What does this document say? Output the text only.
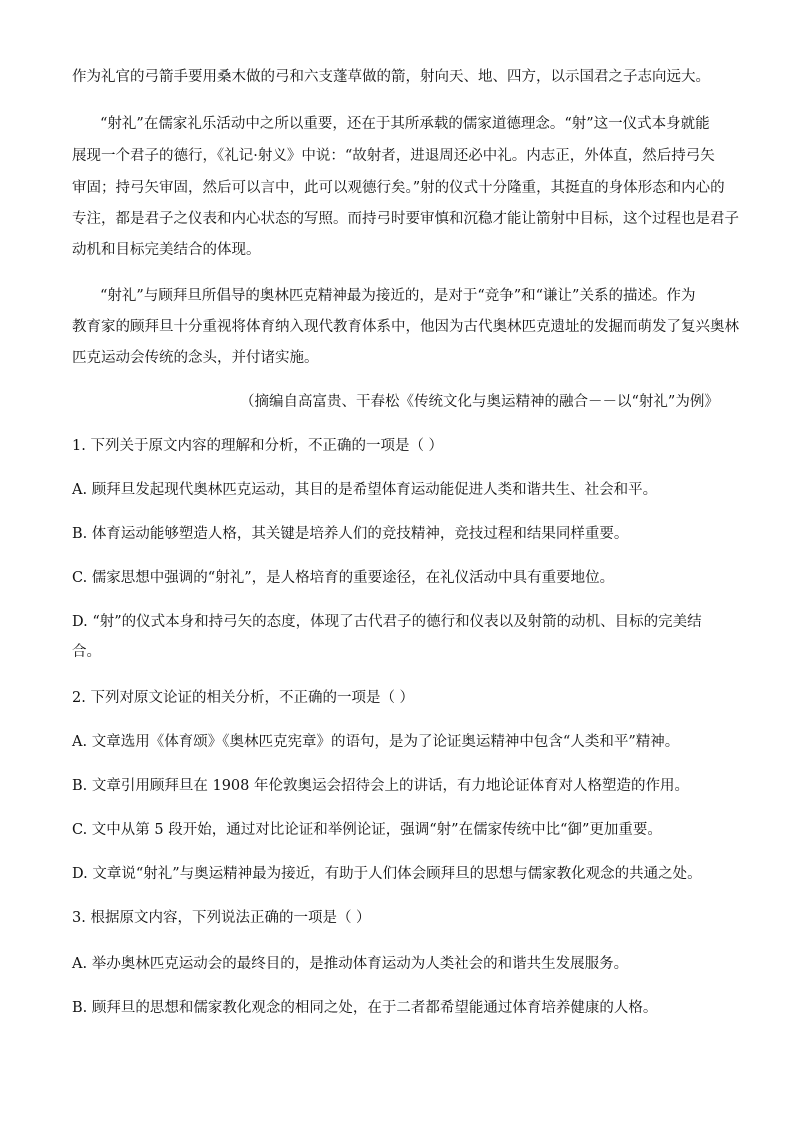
作为礼官的弓箭手要用桑木做的弓和六支蓬草做的箭，射向天、地、四方，以示国君之子志向远大。
“射礼”在儒家礼乐活动中之所以重要，还在于其所承载的儒家道德理念。“射”这一仪式本身就能
展现一个君子的德行，《礼记·射义》中说：“故射者，进退周还必中礼。内志正，外体直，然后持弓矢
审固；持弓矢审固，然后可以言中，此可以观德行矣。”射的仪式十分隆重，其挺直的身体形态和内心的
专注，都是君子之仪表和内心状态的写照。而持弓时要审慎和沉稳才能让箭射中目标，这个过程也是君子
动机和目标完美结合的体现。
“射礼”与顾拜旦所倡导的奥林匹克精神最为接近的，是对于“竞争”和“谦让”关系的描述。作为
教育家的顾拜旦十分重视将体育纳入现代教育体系中，他因为古代奥林匹克遗址的发掘而萌发了复兴奥林
匹克运动会传统的念头，并付诸实施。
（摘编自高富贵、干春松《传统文化与奥运精神的融合－－以“射礼”为例》
1. 下列关于原文内容的理解和分析，不正确的一项是（ ）
A. 顾拜旦发起现代奥林匹克运动，其目的是希望体育运动能促进人类和谐共生、社会和平。
B. 体育运动能够塑造人格，其关键是培养人们的竞技精神，竞技过程和结果同样重要。
C. 儒家思想中强调的“射礼”，是人格培育的重要途径，在礼仪活动中具有重要地位。
D. “射”的仪式本身和持弓矢的态度，体现了古代君子的德行和仪表以及射箭的动机、目标的完美结
合。
2. 下列对原文论证的相关分析，不正确的一项是（ ）
A. 文章选用《体育颂》《奥林匹克宪章》的语句，是为了论证奥运精神中包含“人类和平”精神。
B. 文章引用顾拜旦在 1908 年伦敦奥运会招待会上的讲话，有力地论证体育对人格塑造的作用。
C. 文中从第 5 段开始，通过对比论证和举例论证，强调“射”在儒家传统中比“御”更加重要。
D. 文章说“射礼”与奥运精神最为接近，有助于人们体会顾拜旦的思想与儒家教化观念的共通之处。
3. 根据原文内容，下列说法正确的一项是（ ）
A. 举办奥林匹克运动会的最终目的，是推动体育运动为人类社会的和谐共生发展服务。
B. 顾拜旦的思想和儒家教化观念的相同之处，在于二者都希望能通过体育培养健康的人格。
